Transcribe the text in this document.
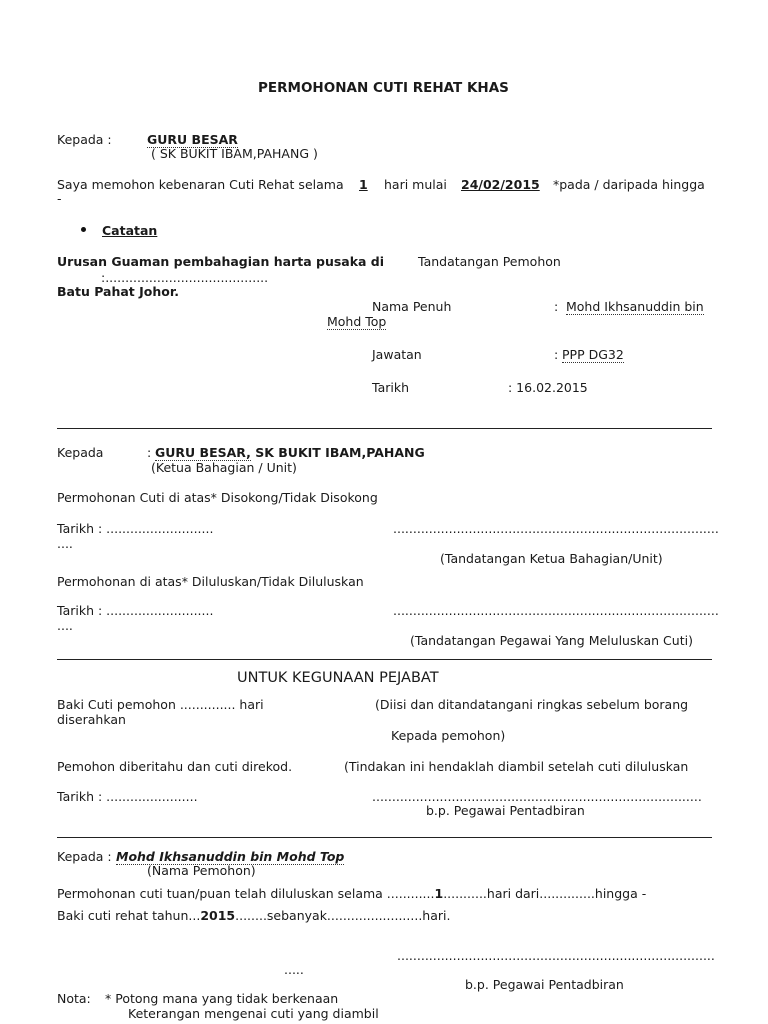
PERMOHONAN CUTI REHAT KHAS
Kepada :	GURU BESAR
( SK BUKIT IBAM,PAHANG )
Saya memohon kebenaran Cuti Rehat selama	1	hari mulai 24/02/2015	*pada / daripada hingga
-
Catatan
Urusan Guaman pembahagian harta pusaka di	Tandatangan Pemohon
:.........................................
Batu Pahat Johor.
Nama Penuh	: Mohd Ikhsanuddin bin
Mohd Top
Jawatan	: PPP DG32
Tarikh	: 16.02.2015
Kepada	: GURU BESAR, SK BUKIT IBAM,PAHANG
(Ketua Bahagian / Unit)
Permohonan Cuti di atas* Disokong/Tidak Disokong
Tarikh : ...........................	..................................................................................
....
(Tandatangan Ketua Bahagian/Unit)
Permohonan di atas* Diluluskan/Tidak Diluluskan
Tarikh : ...........................	..................................................................................
....
(Tandatangan Pegawai Yang Meluluskan Cuti)
UNTUK KEGUNAAN PEJABAT
Baki Cuti pemohon .............. hari	(Diisi dan ditandatangani ringkas sebelum borang
diserahkan
Kepada pemohon)
Pemohon diberitahu dan cuti direkod.	(Tindakan ini hendaklah diambil setelah cuti diluluskan
Tarikh : .......................	...................................................................................
b.p. Pegawai Pentadbiran
Kepada : Mohd Ikhsanuddin bin Mohd Top
(Nama Pemohon)
Permohonan cuti tuan/puan telah diluluskan selama ............1...........hari dari..............hingga -
Baki cuti rehat tahun...2015........sebanyak........................hari.
................................................................................
.....
b.p. Pegawai Pentadbiran
Nota: * Potong mana yang tidak berkenaan
Keterangan mengenai cuti yang diambil
